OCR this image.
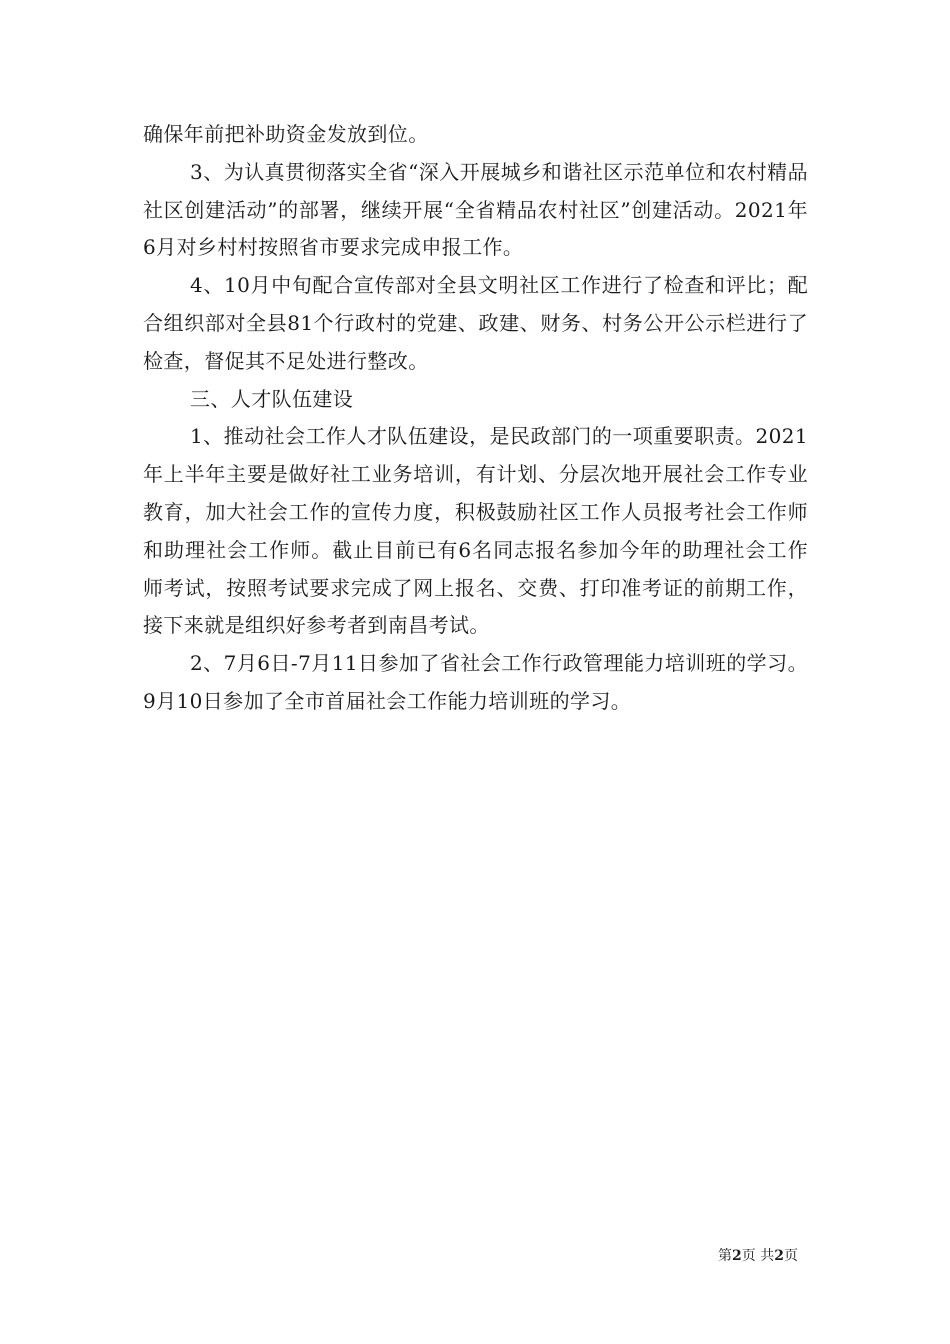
确保年前把补助资金发放到位。

3、为认真贯彻落实全省“深入开展城乡和谐社区示范单位和农村精品社区创建活动”的部署，继续开展“全省精品农村社区”创建活动。2021年6月对乡村村按照省市要求完成申报工作。

4、10月中旬配合宣传部对全县文明社区工作进行了检查和评比；配合组织部对全县81个行政村的党建、政建、财务、村务公开公示栏进行了检查，督促其不足处进行整改。

三、人才队伍建设

1、推动社会工作人才队伍建设，是民政部门的一项重要职责。2021年上半年主要是做好社工业务培训，有计划、分层次地开展社会工作专业教育，加大社会工作的宣传力度，积极鼓励社区工作人员报考社会工作师和助理社会工作师。截止目前已有6名同志报名参加今年的助理社会工作师考试，按照考试要求完成了网上报名、交费、打印准考证的前期工作，接下来就是组织好参考者到南昌考试。

2、7月6日-7月11日参加了省社会工作行政管理能力培训班的学习。9月10日参加了全市首届社会工作能力培训班的学习。

第2页 共2页
